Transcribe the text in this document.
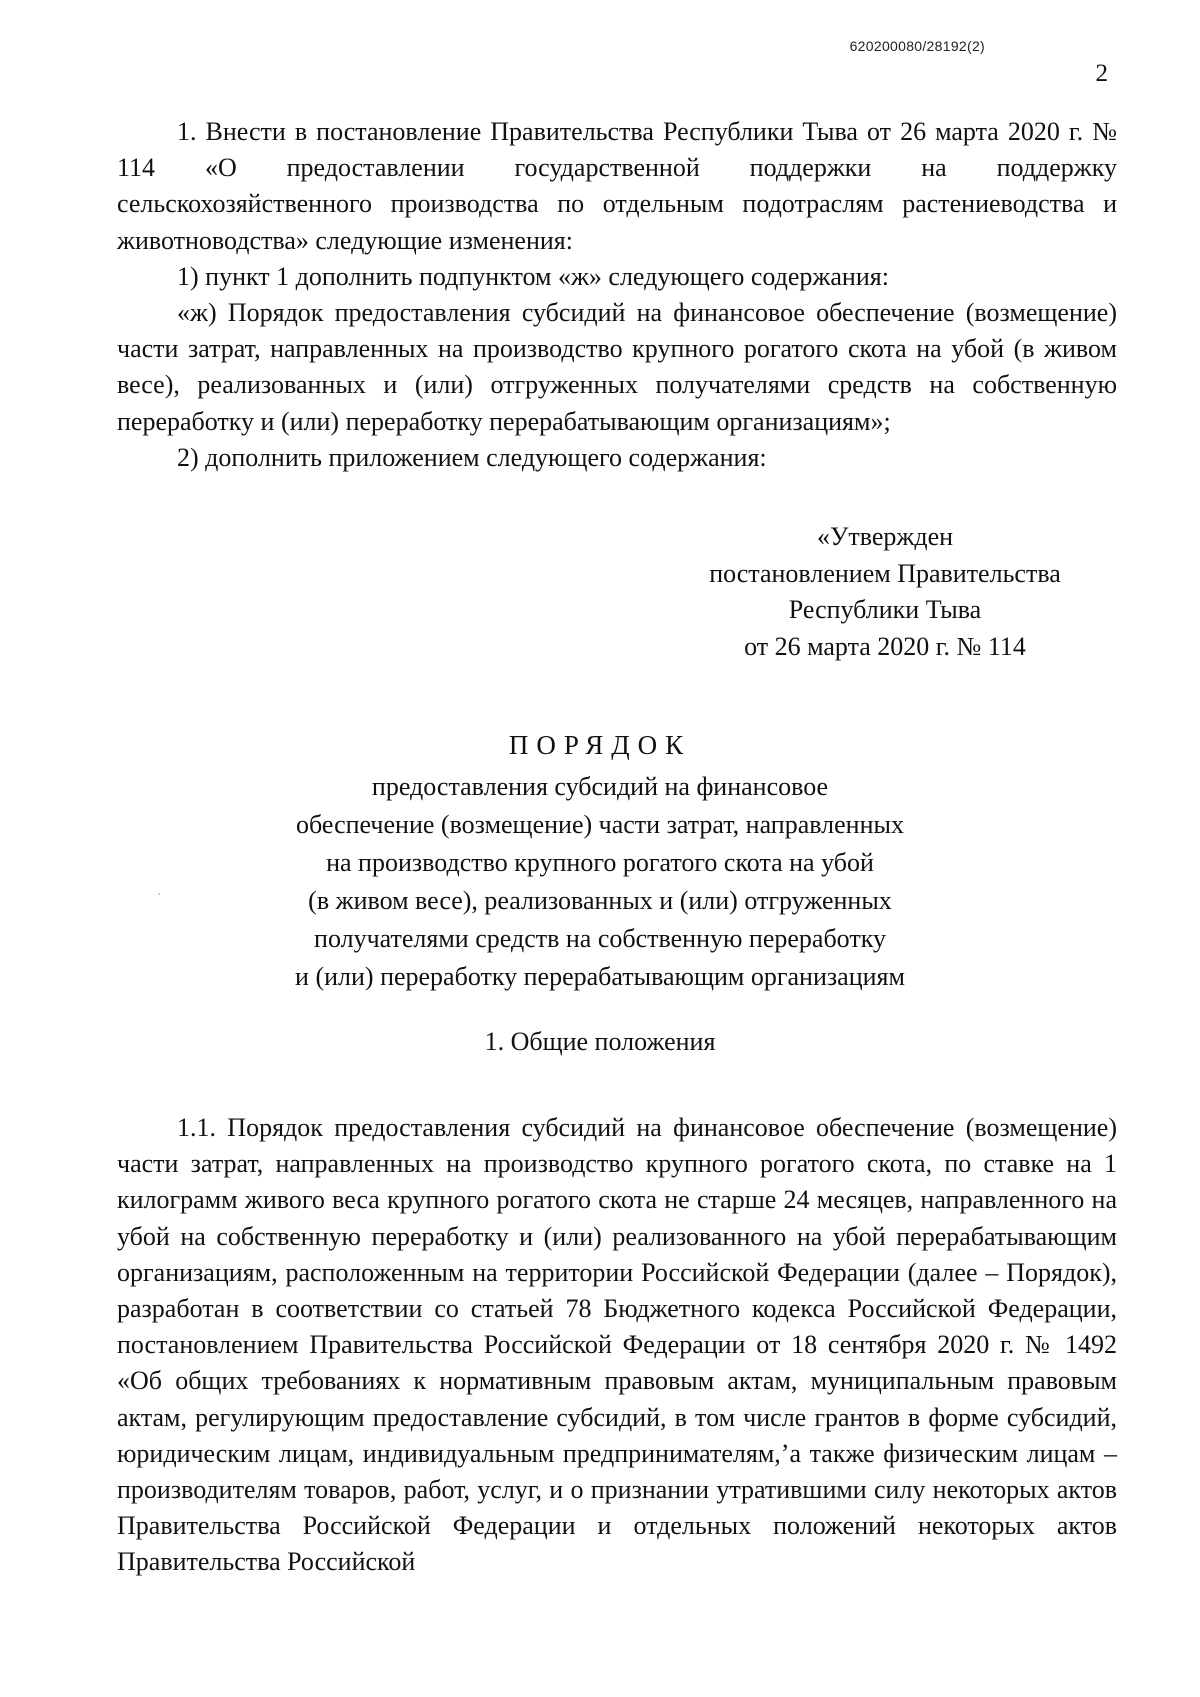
620200080/28192(2)
2

1. Внести в постановление Правительства Республики Тыва от 26 марта 2020 г. № 114 «О предоставлении государственной поддержки на поддержку сельскохозяйственного производства по отдельным подотраслям растениеводства и животноводства» следующие изменения:

1) пункт 1 дополнить подпунктом «ж» следующего содержания:

«ж) Порядок предоставления субсидий на финансовое обеспечение (возмещение) части затрат, направленных на производство крупного рогатого скота на убой (в живом весе), реализованных и (или) отгруженных получателями средств на собственную переработку и (или) переработку перерабатывающим организациям»;

2) дополнить приложением следующего содержания:

«Утвержден
постановлением Правительства
Республики Тыва
от 26 марта 2020 г. № 114
ПОРЯДОК
предоставления субсидий на финансовое
обеспечение (возмещение) части затрат, направленных
на производство крупного рогатого скота на убой
(в живом весе), реализованных и (или) отгруженных
получателями средств на собственную переработку
и (или) переработку перерабатывающим организациям
1. Общие положения

1.1. Порядок предоставления субсидий на финансовое обеспечение (возмещение) части затрат, направленных на производство крупного рогатого скота, по ставке на 1 килограмм живого веса крупного рогатого скота не старше 24 месяцев, направленного на убой на собственную переработку и (или) реализованного на убой перерабатывающим организациям, расположенным на территории Российской Федерации (далее – Порядок), разработан в соответствии со статьей 78 Бюджетного кодекса Российской Федерации, постановлением Правительства Российской Федерации от 18 сентября 2020 г. № 1492 «Об общих требованиях к нормативным правовым актам, муниципальным правовым актам, регулирующим предоставление субсидий, в том числе грантов в форме субсидий, юридическим лицам, индивидуальным предпринимателям,’а также физическим лицам – производителям товаров, работ, услуг, и о признании утратившими силу некоторых актов Правительства Российской Федерации и отдельных положений некоторых актов Правительства Российской
